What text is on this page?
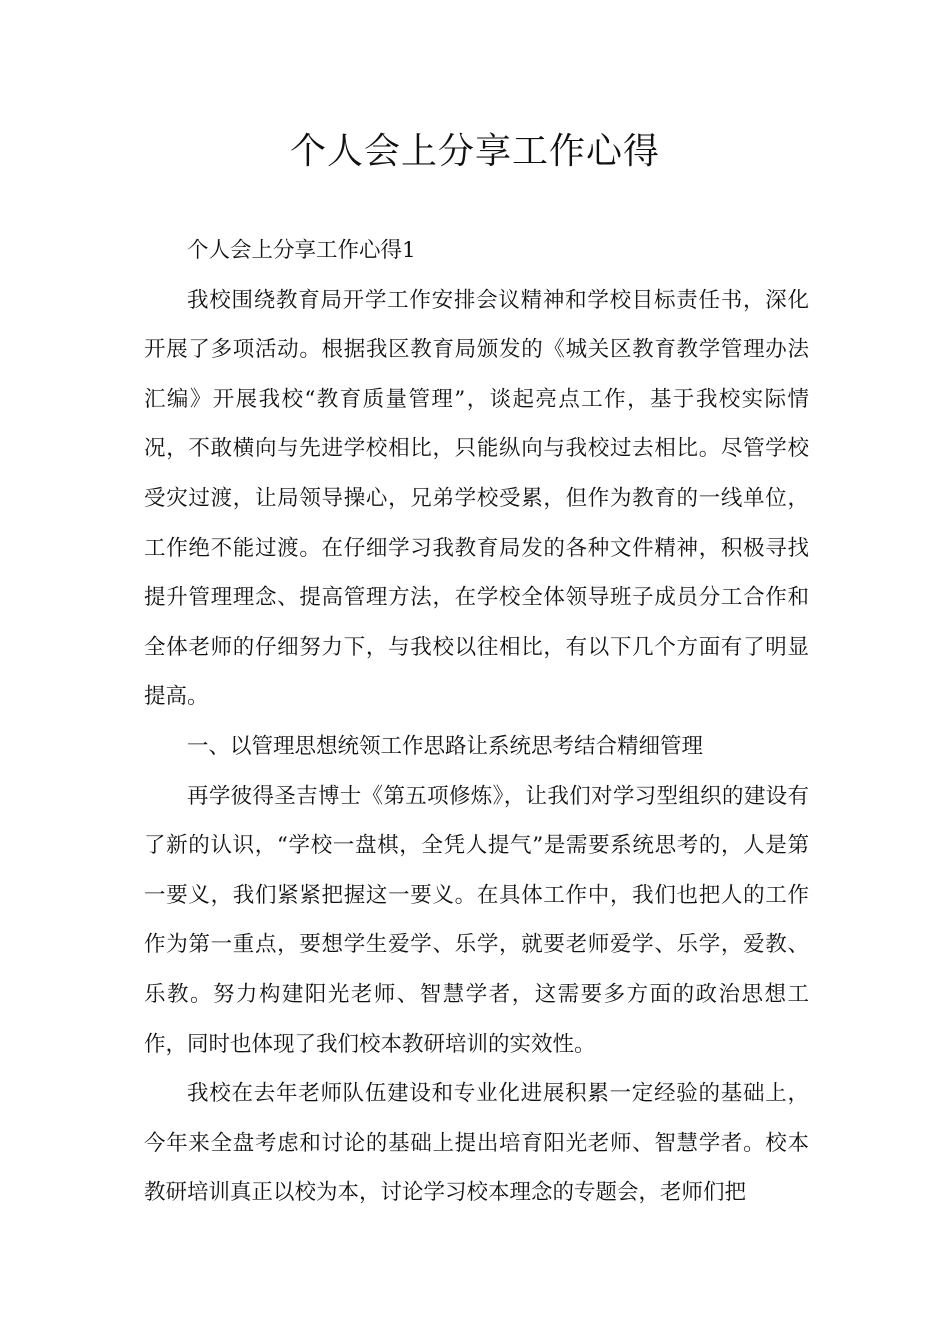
个人会上分享工作心得

个人会上分享工作心得1

我校围绕教育局开学工作安排会议精神和学校目标责任书，深化开展了多项活动。根据我区教育局颁发的《城关区教育教学管理办法汇编》开展我校“教育质量管理”，谈起亮点工作，基于我校实际情况，不敢横向与先进学校相比，只能纵向与我校过去相比。尽管学校受灾过渡，让局领导操心，兄弟学校受累，但作为教育的一线单位，工作绝不能过渡。在仔细学习我教育局发的各种文件精神，积极寻找提升管理理念、提高管理方法，在学校全体领导班子成员分工合作和全体老师的仔细努力下，与我校以往相比，有以下几个方面有了明显提高。

一、以管理思想统领工作思路让系统思考结合精细管理

再学彼得圣吉博士《第五项修炼》，让我们对学习型组织的建设有了新的认识，“学校一盘棋，全凭人提气”是需要系统思考的，人是第一要义，我们紧紧把握这一要义。在具体工作中，我们也把人的工作作为第一重点，要想学生爱学、乐学，就要老师爱学、乐学，爱教、乐教。努力构建阳光老师、智慧学者，这需要多方面的政治思想工作，同时也体现了我们校本教研培训的实效性。

我校在去年老师队伍建设和专业化进展积累一定经验的基础上，今年来全盘考虑和讨论的基础上提出培育阳光老师、智慧学者。校本教研培训真正以校为本，讨论学习校本理念的专题会，老师们把
